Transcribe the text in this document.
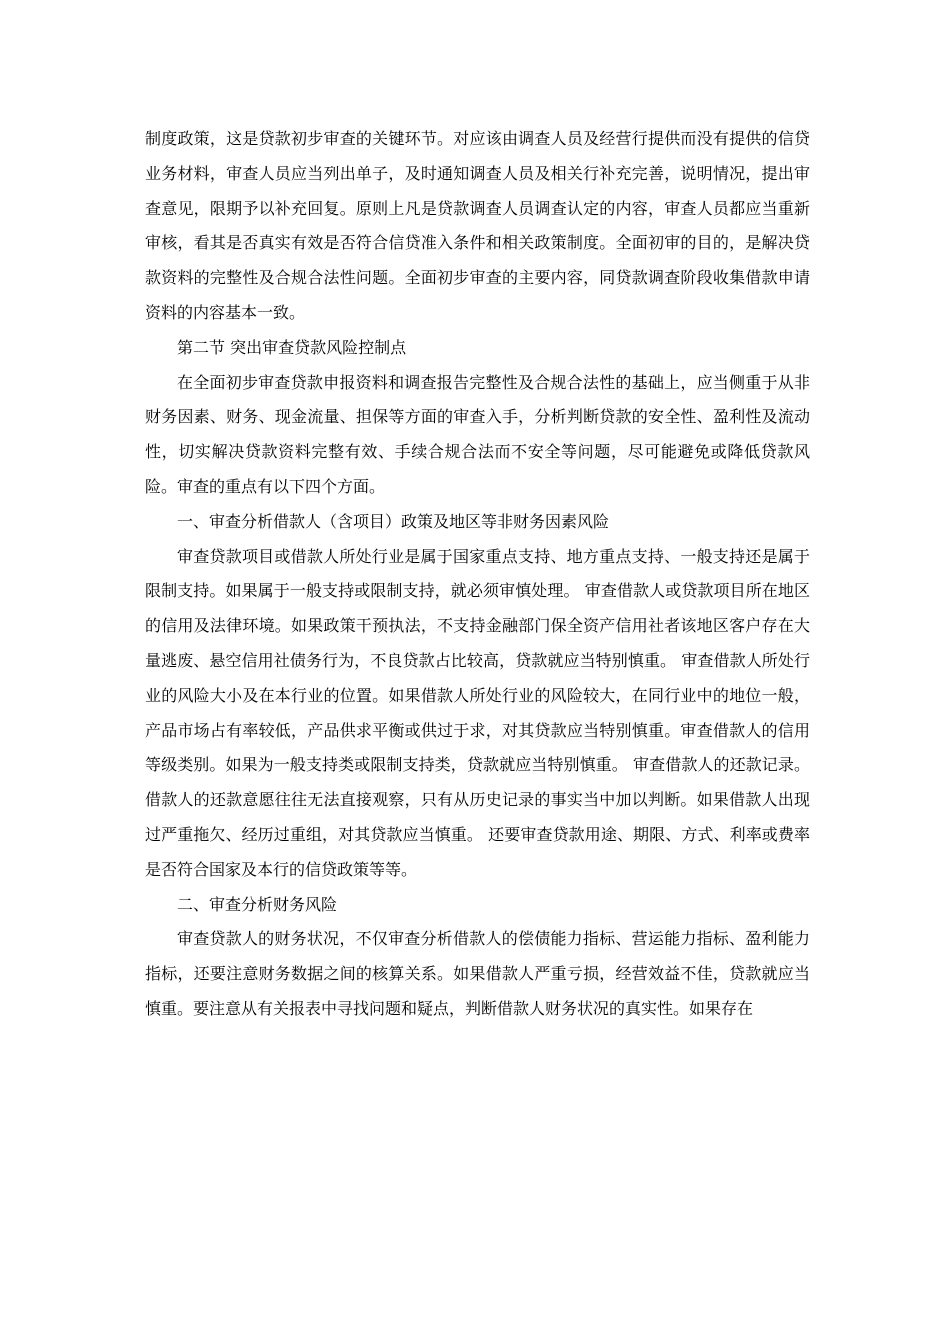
制度政策，这是贷款初步审查的关键环节。对应该由调查人员及经营行提供而没有提供的信贷业务材料，审查人员应当列出单子，及时通知调查人员及相关行补充完善，说明情况，提出审查意见，限期予以补充回复。原则上凡是贷款调查人员调查认定的内容，审查人员都应当重新审核，看其是否真实有效是否符合信贷准入条件和相关政策制度。全面初审的目的，是解决贷款资料的完整性及合规合法性问题。全面初步审查的主要内容，同贷款调查阶段收集借款申请资料的内容基本一致。

第二节 突出审查贷款风险控制点

在全面初步审查贷款申报资料和调查报告完整性及合规合法性的基础上，应当侧重于从非财务因素、财务、现金流量、担保等方面的审查入手，分析判断贷款的安全性、盈利性及流动性，切实解决贷款资料完整有效、手续合规合法而不安全等问题，尽可能避免或降低贷款风险。审查的重点有以下四个方面。

一、审查分析借款人（含项目）政策及地区等非财务因素风险

审查贷款项目或借款人所处行业是属于国家重点支持、地方重点支持、一般支持还是属于限制支持。如果属于一般支持或限制支持，就必须审慎处理。 审查借款人或贷款项目所在地区的信用及法律环境。如果政策干预执法，不支持金融部门保全资产信用社者该地区客户存在大量逃废、悬空信用社债务行为，不良贷款占比较高，贷款就应当特别慎重。 审查借款人所处行业的风险大小及在本行业的位置。如果借款人所处行业的风险较大，在同行业中的地位一般，产品市场占有率较低，产品供求平衡或供过于求，对其贷款应当特别慎重。审查借款人的信用等级类别。如果为一般支持类或限制支持类，贷款就应当特别慎重。 审查借款人的还款记录。借款人的还款意愿往往无法直接观察，只有从历史记录的事实当中加以判断。如果借款人出现过严重拖欠、经历过重组，对其贷款应当慎重。 还要审查贷款用途、期限、方式、利率或费率是否符合国家及本行的信贷政策等等。

二、审查分析财务风险

审查贷款人的财务状况，不仅审查分析借款人的偿债能力指标、营运能力指标、盈利能力指标，还要注意财务数据之间的核算关系。如果借款人严重亏损，经营效益不佳，贷款就应当慎重。要注意从有关报表中寻找问题和疑点，判断借款人财务状况的真实性。如果存在
